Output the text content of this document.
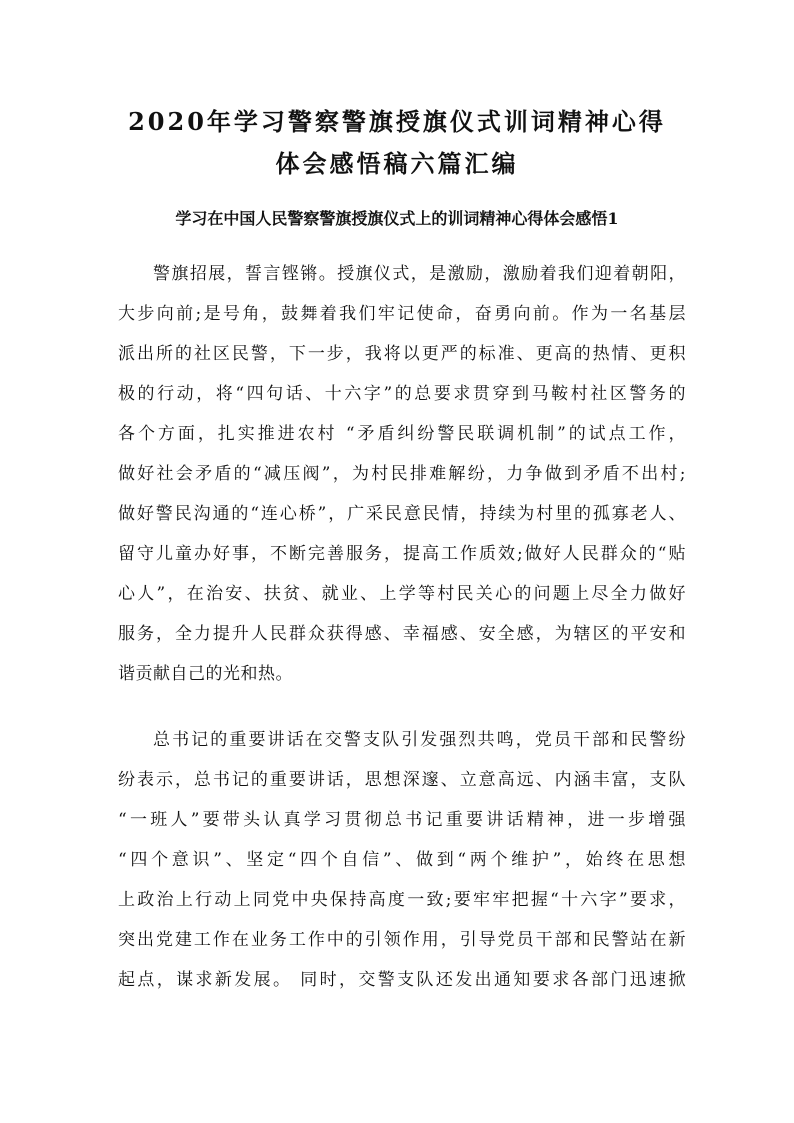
2020年学习警察警旗授旗仪式训词精神心得
体会感悟稿六篇汇编
学习在中国人民警察警旗授旗仪式上的训词精神心得体会感悟1
警旗招展，誓言铿锵。授旗仪式，是激励，激励着我们迎着朝阳，
大步向前;是号角，鼓舞着我们牢记使命，奋勇向前。作为一名基层
派出所的社区民警，下一步，我将以更严的标准、更高的热情、更积
极的行动，将“四句话、十六字”的总要求贯穿到马鞍村社区警务的
各个方面，扎实推进农村 “矛盾纠纷警民联调机制”的试点工作，
做好社会矛盾的“减压阀”，为村民排难解纷，力争做到矛盾不出村;
做好警民沟通的“连心桥”，广采民意民情，持续为村里的孤寡老人、
留守儿童办好事，不断完善服务，提高工作质效;做好人民群众的“贴
心人”，在治安、扶贫、就业、上学等村民关心的问题上尽全力做好
服务，全力提升人民群众获得感、幸福感、安全感，为辖区的平安和
谐贡献自己的光和热。
总书记的重要讲话在交警支队引发强烈共鸣，党员干部和民警纷
纷表示，总书记的重要讲话，思想深邃、立意高远、内涵丰富，支队
“一班人”要带头认真学习贯彻总书记重要讲话精神，进一步增强
“四个意识”、坚定“四个自信”、做到“两个维护”，始终在思想
上政治上行动上同党中央保持高度一致;要牢牢把握“十六字”要求，
突出党建工作在业务工作中的引领作用，引导党员干部和民警站在新
起点，谋求新发展。 同时，交警支队还发出通知要求各部门迅速掀
